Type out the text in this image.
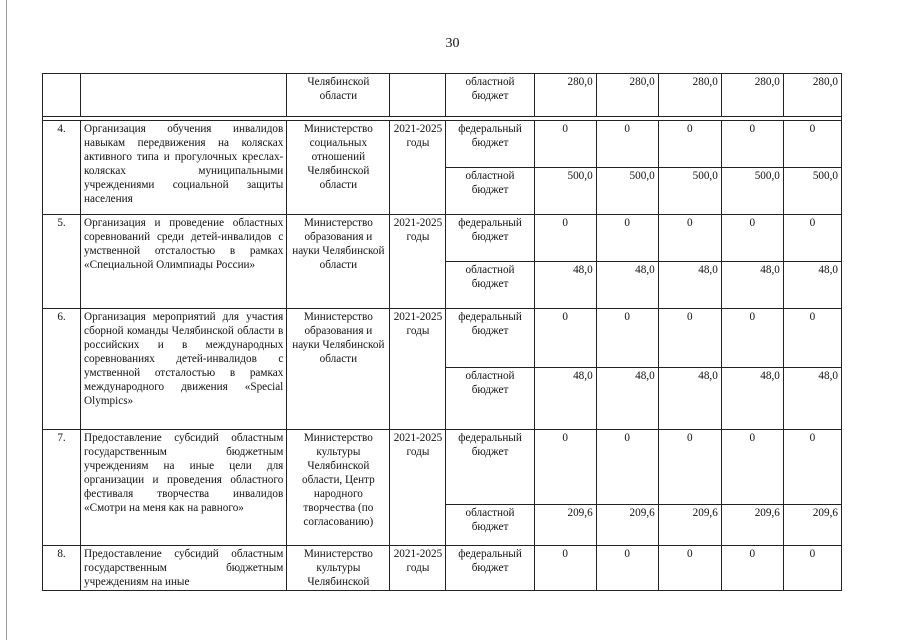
30
		Челябинской области		областной бюджет	280,0	280,0	280,0	280,0	280,0

4.	Организация обучения инвалидов навыкам передвижения на колясках активного типа и прогулочных креслах-колясках муниципальными учреждениями социальной защиты населения	Министерство социальных отношений Челябинской области	2021-2025 годы	федеральный бюджет	0	0	0	0	0
				областной бюджет	500,0	500,0	500,0	500,0	500,0
5.	Организация и проведение областных соревнований среди детей-инвалидов с умственной отсталостью в рамках «Специальной Олимпиады России»	Министерство образования и науки Челябинской области	2021-2025 годы	федеральный бюджет	0	0	0	0	0
				областной бюджет	48,0	48,0	48,0	48,0	48,0
6.	Организация мероприятий для участия сборной команды Челябинской области в российских и в международных соревнованиях детей-инвалидов с умственной отсталостью в рамках международного движения «Special Olympics»	Министерство образования и науки Челябинской области	2021-2025 годы	федеральный бюджет	0	0	0	0	0
				областной бюджет	48,0	48,0	48,0	48,0	48,0
7.	Предоставление субсидий областным государственным бюджетным учреждениям на иные цели для организации и проведения областного фестиваля творчества инвалидов «Смотри на меня как на равного»	Министерство культуры Челябинской области, Центр народного творчества (по согласованию)	2021-2025 годы	федеральный бюджет	0	0	0	0	0
				областной бюджет	209,6	209,6	209,6	209,6	209,6
8.	Предоставление субсидий областным государственным бюджетным учреждениям на иные	Министерство культуры Челябинской	2021-2025 годы	федеральный бюджет	0	0	0	0	0
